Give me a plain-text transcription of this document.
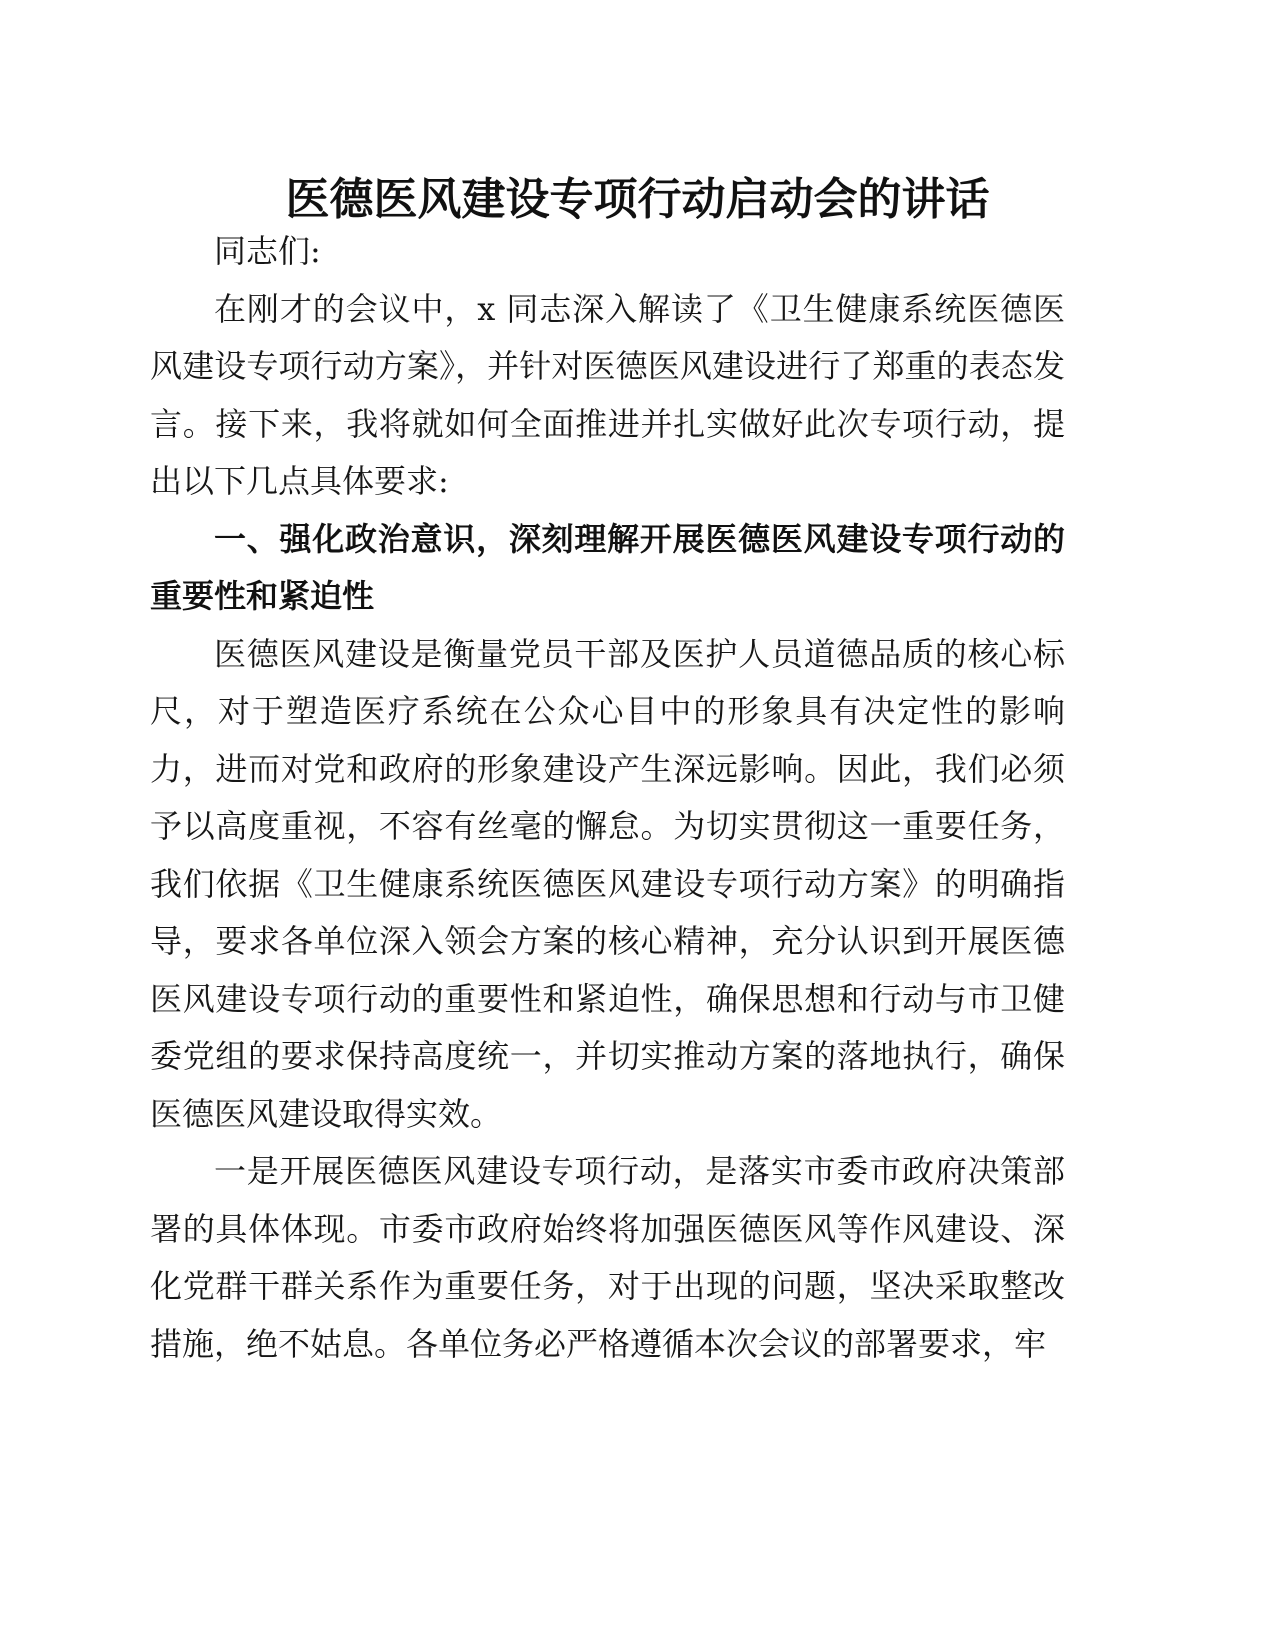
医德医风建设专项行动启动会的讲话

同志们:

在刚才的会议中，x 同志深入解读了《卫生健康系统医德医风建设专项行动方案》，并针对医德医风建设进行了郑重的表态发言。接下来，我将就如何全面推进并扎实做好此次专项行动，提出以下几点具体要求:

一、强化政治意识，深刻理解开展医德医风建设专项行动的重要性和紧迫性

医德医风建设是衡量党员干部及医护人员道德品质的核心标尺，对于塑造医疗系统在公众心目中的形象具有决定性的影响力，进而对党和政府的形象建设产生深远影响。因此，我们必须予以高度重视，不容有丝毫的懈怠。为切实贯彻这一重要任务，我们依据《卫生健康系统医德医风建设专项行动方案》的明确指导，要求各单位深入领会方案的核心精神，充分认识到开展医德医风建设专项行动的重要性和紧迫性，确保思想和行动与市卫健委党组的要求保持高度统一，并切实推动方案的落地执行，确保医德医风建设取得实效。

一是开展医德医风建设专项行动，是落实市委市政府决策部署的具体体现。市委市政府始终将加强医德医风等作风建设、深化党群干群关系作为重要任务，对于出现的问题，坚决采取整改措施，绝不姑息。各单位务必严格遵循本次会议的部署要求，牢
